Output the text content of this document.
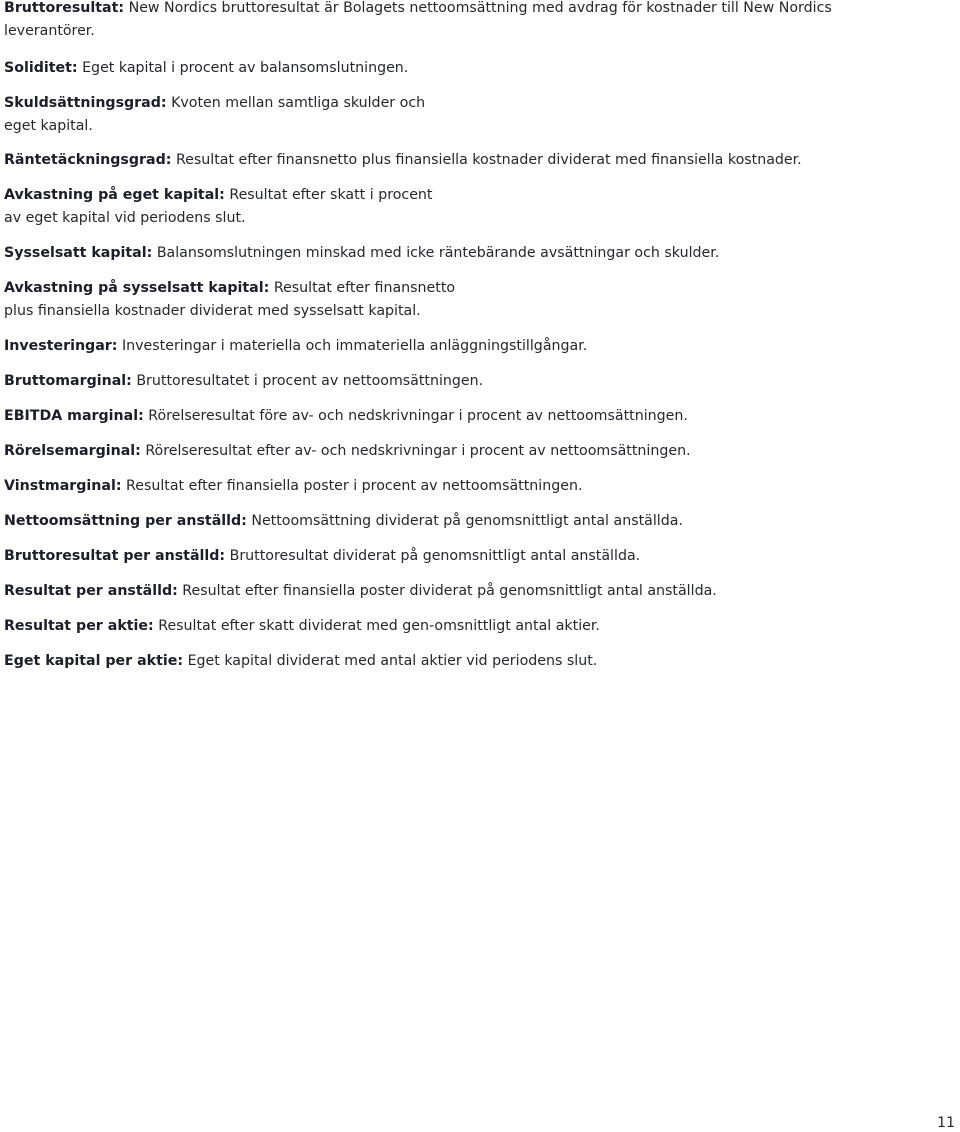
Bruttoresultat: New Nordics bruttoresultat är Bolagets nettoomsättning med avdrag för kostnader till New Nordics
leverantörer.

Soliditet: Eget kapital i procent av balansomslutningen.

Skuldsättningsgrad: Kvoten mellan samtliga skulder och
eget kapital.

Räntetäckningsgrad: Resultat efter finansnetto plus finansiella kostnader dividerat med finansiella kostnader.

Avkastning på eget kapital: Resultat efter skatt i procent
av eget kapital vid periodens slut.

Sysselsatt kapital: Balansomslutningen minskad med icke räntebärande avsättningar och skulder.

Avkastning på sysselsatt kapital: Resultat efter finansnetto
plus finansiella kostnader dividerat med sysselsatt kapital.

Investeringar: Investeringar i materiella och immateriella anläggningstillgångar.

Bruttomarginal: Bruttoresultatet i procent av nettoomsättningen.

EBITDA marginal: Rörelseresultat före av- och nedskrivningar i procent av nettoomsättningen.

Rörelsemarginal: Rörelseresultat efter av- och nedskrivningar i procent av nettoomsättningen.

Vinstmarginal: Resultat efter finansiella poster i procent av nettoomsättningen.

Nettoomsättning per anställd: Nettoomsättning dividerat på genomsnittligt antal anställda.

Bruttoresultat per anställd: Bruttoresultat dividerat på genomsnittligt antal anställda.

Resultat per anställd: Resultat efter finansiella poster dividerat på genomsnittligt antal anställda.

Resultat per aktie: Resultat efter skatt dividerat med gen-omsnittligt antal aktier.

Eget kapital per aktie: Eget kapital dividerat med antal aktier vid periodens slut.

11
